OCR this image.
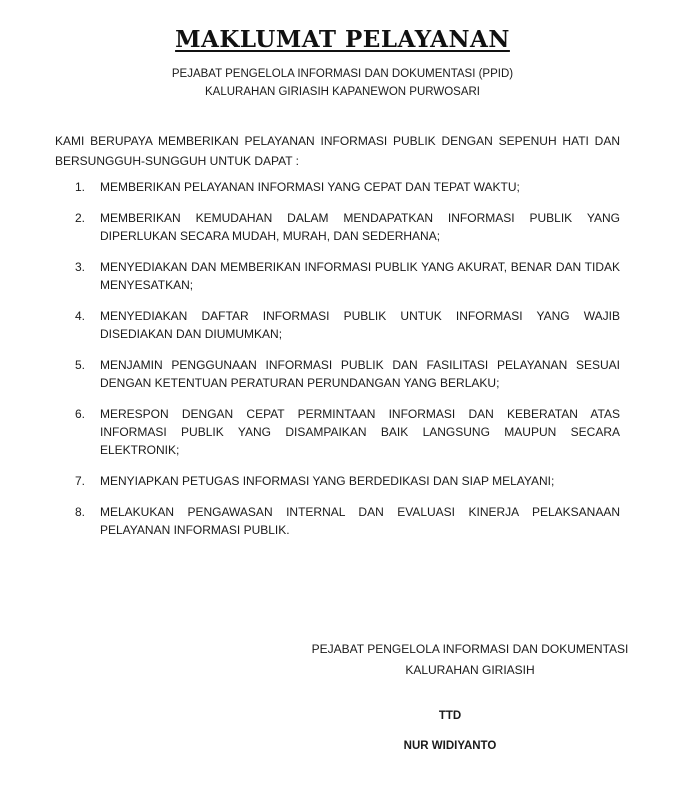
MAKLUMAT PELAYANAN
PEJABAT PENGELOLA INFORMASI DAN DOKUMENTASI (PPID)
KALURAHAN GIRIASIH KAPANEWON PURWOSARI
KAMI BERUPAYA MEMBERIKAN PELAYANAN INFORMASI PUBLIK DENGAN SEPENUH HATI DAN BERSUNGGUH-SUNGGUH UNTUK DAPAT :
1. MEMBERIKAN PELAYANAN INFORMASI YANG CEPAT DAN TEPAT WAKTU;
2. MEMBERIKAN KEMUDAHAN DALAM MENDAPATKAN INFORMASI PUBLIK YANG DIPERLUKAN SECARA MUDAH, MURAH, DAN SEDERHANA;
3. MENYEDIAKAN DAN MEMBERIKAN INFORMASI PUBLIK YANG AKURAT, BENAR DAN TIDAK MENYESATKAN;
4. MENYEDIAKAN DAFTAR INFORMASI PUBLIK UNTUK INFORMASI YANG WAJIB DISEDIAKAN DAN DIUMUMKAN;
5. MENJAMIN PENGGUNAAN INFORMASI PUBLIK DAN FASILITASI PELAYANAN SESUAI DENGAN KETENTUAN PERATURAN PERUNDANGAN YANG BERLAKU;
6. MERESPON DENGAN CEPAT PERMINTAAN INFORMASI DAN KEBERATAN ATAS INFORMASI PUBLIK YANG DISAMPAIKAN BAIK LANGSUNG MAUPUN SECARA ELEKTRONIK;
7. MENYIAPKAN PETUGAS INFORMASI YANG BERDEDIKASI DAN SIAP MELAYANI;
8. MELAKUKAN PENGAWASAN INTERNAL DAN EVALUASI KINERJA PELAKSANAAN PELAYANAN INFORMASI PUBLIK.
PEJABAT PENGELOLA INFORMASI DAN DOKUMENTASI
KALURAHAN GIRIASIH
TTD
NUR WIDIYANTO
